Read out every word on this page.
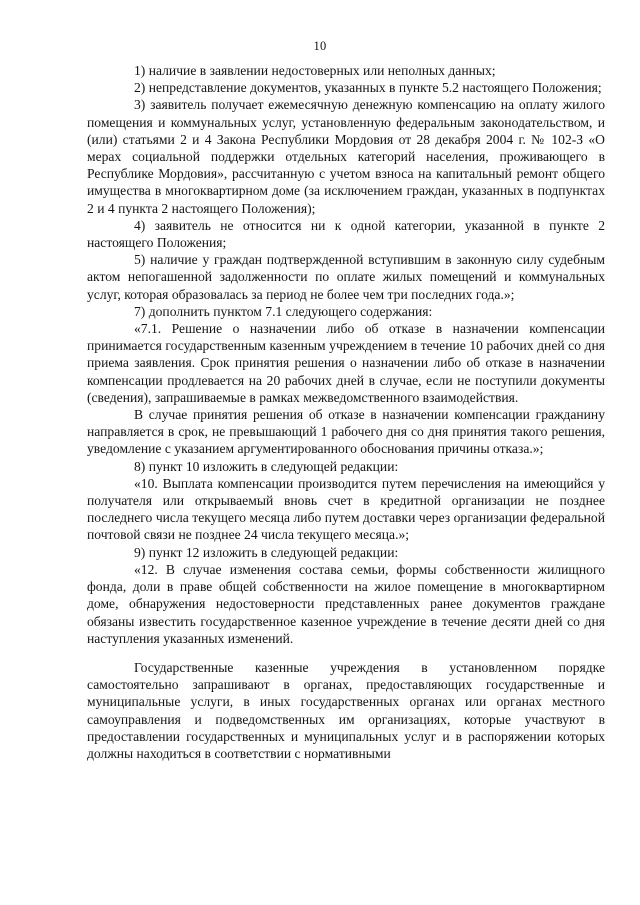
10

1) наличие в заявлении недостоверных или неполных данных;

2) непредставление документов, указанных в пункте 5.2 настоящего Положения;

3) заявитель получает ежемесячную денежную компенсацию на оплату жилого помещения и коммунальных услуг, установленную федеральным законодательством, и (или) статьями 2 и 4 Закона Республики Мордовия от 28 декабря 2004 г. № 102-З «О мерах социальной поддержки отдельных категорий населения, проживающего в Республике Мордовия», рассчитанную с учетом взноса на капитальный ремонт общего имущества в многоквартирном доме (за исключением граждан, указанных в подпунктах 2 и 4 пункта 2 настоящего Положения);

4) заявитель не относится ни к одной категории, указанной в пункте 2 настоящего Положения;

5) наличие у граждан подтвержденной вступившим в законную силу судебным актом непогашенной задолженности по оплате жилых помещений и коммунальных услуг, которая образовалась за период не более чем три последних года.»;

7) дополнить пунктом 7.1 следующего содержания:

«7.1. Решение о назначении либо об отказе в назначении компенсации принимается государственным казенным учреждением в течение 10 рабочих дней со дня приема заявления. Срок принятия решения о назначении либо об отказе в назначении компенсации продлевается на 20 рабочих дней в случае, если не поступили документы (сведения), запрашиваемые в рамках межведомственного взаимодействия.

В случае принятия решения об отказе в назначении компенсации гражданину направляется в срок, не превышающий 1 рабочего дня со дня принятия такого решения, уведомление с указанием аргументированного обоснования причины отказа.»;

8) пункт 10 изложить в следующей редакции:

«10. Выплата компенсации производится путем перечисления на имеющийся у получателя или открываемый вновь счет в кредитной организации не позднее последнего числа текущего месяца либо путем доставки через организации федеральной почтовой связи не позднее 24 числа текущего месяца.»;

9) пункт 12 изложить в следующей редакции:

«12. В случае изменения состава семьи, формы собственности жилищного фонда, доли в праве общей собственности на жилое помещение в многоквартирном доме, обнаружения недостоверности представленных ранее документов граждане обязаны известить государственное казенное учреждение в течение десяти дней со дня наступления указанных изменений.

Государственные казенные учреждения в установленном порядке самостоятельно запрашивают в органах, предоставляющих государственные и муниципальные услуги, в иных государственных органах или органах местного самоуправления и подведомственных им организациях, которые участвуют в предоставлении государственных и муниципальных услуг и в распоряжении которых должны находиться в соответствии с нормативными
